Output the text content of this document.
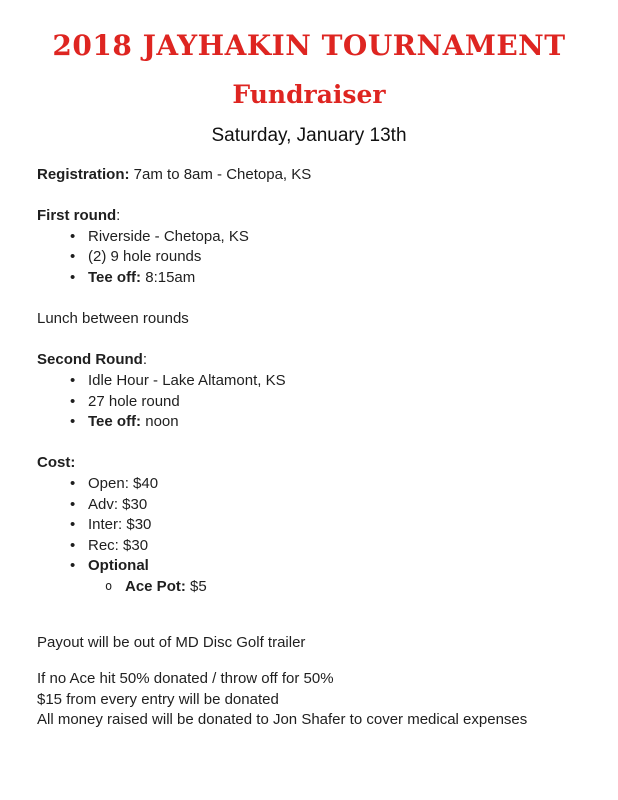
2018 JAYHAKIN TOURNAMENT
Fundraiser
Saturday, January 13th

Registration: 7am to 8am - Chetopa, KS

First round:

• Riverside - Chetopa, KS
• (2) 9 hole rounds
• Tee off: 8:15am

Lunch between rounds

Second Round:

• Idle Hour - Lake Altamont, KS
• 27 hole round
• Tee off: noon

Cost:

• Open: $40
• Adv: $30
• Inter: $30
• Rec: $30
• Optional
o Ace Pot: $5

Payout will be out of MD Disc Golf trailer

If no Ace hit 50% donated / throw off for 50%

$15 from every entry will be donated

All money raised will be donated to Jon Shafer to cover medical expenses
